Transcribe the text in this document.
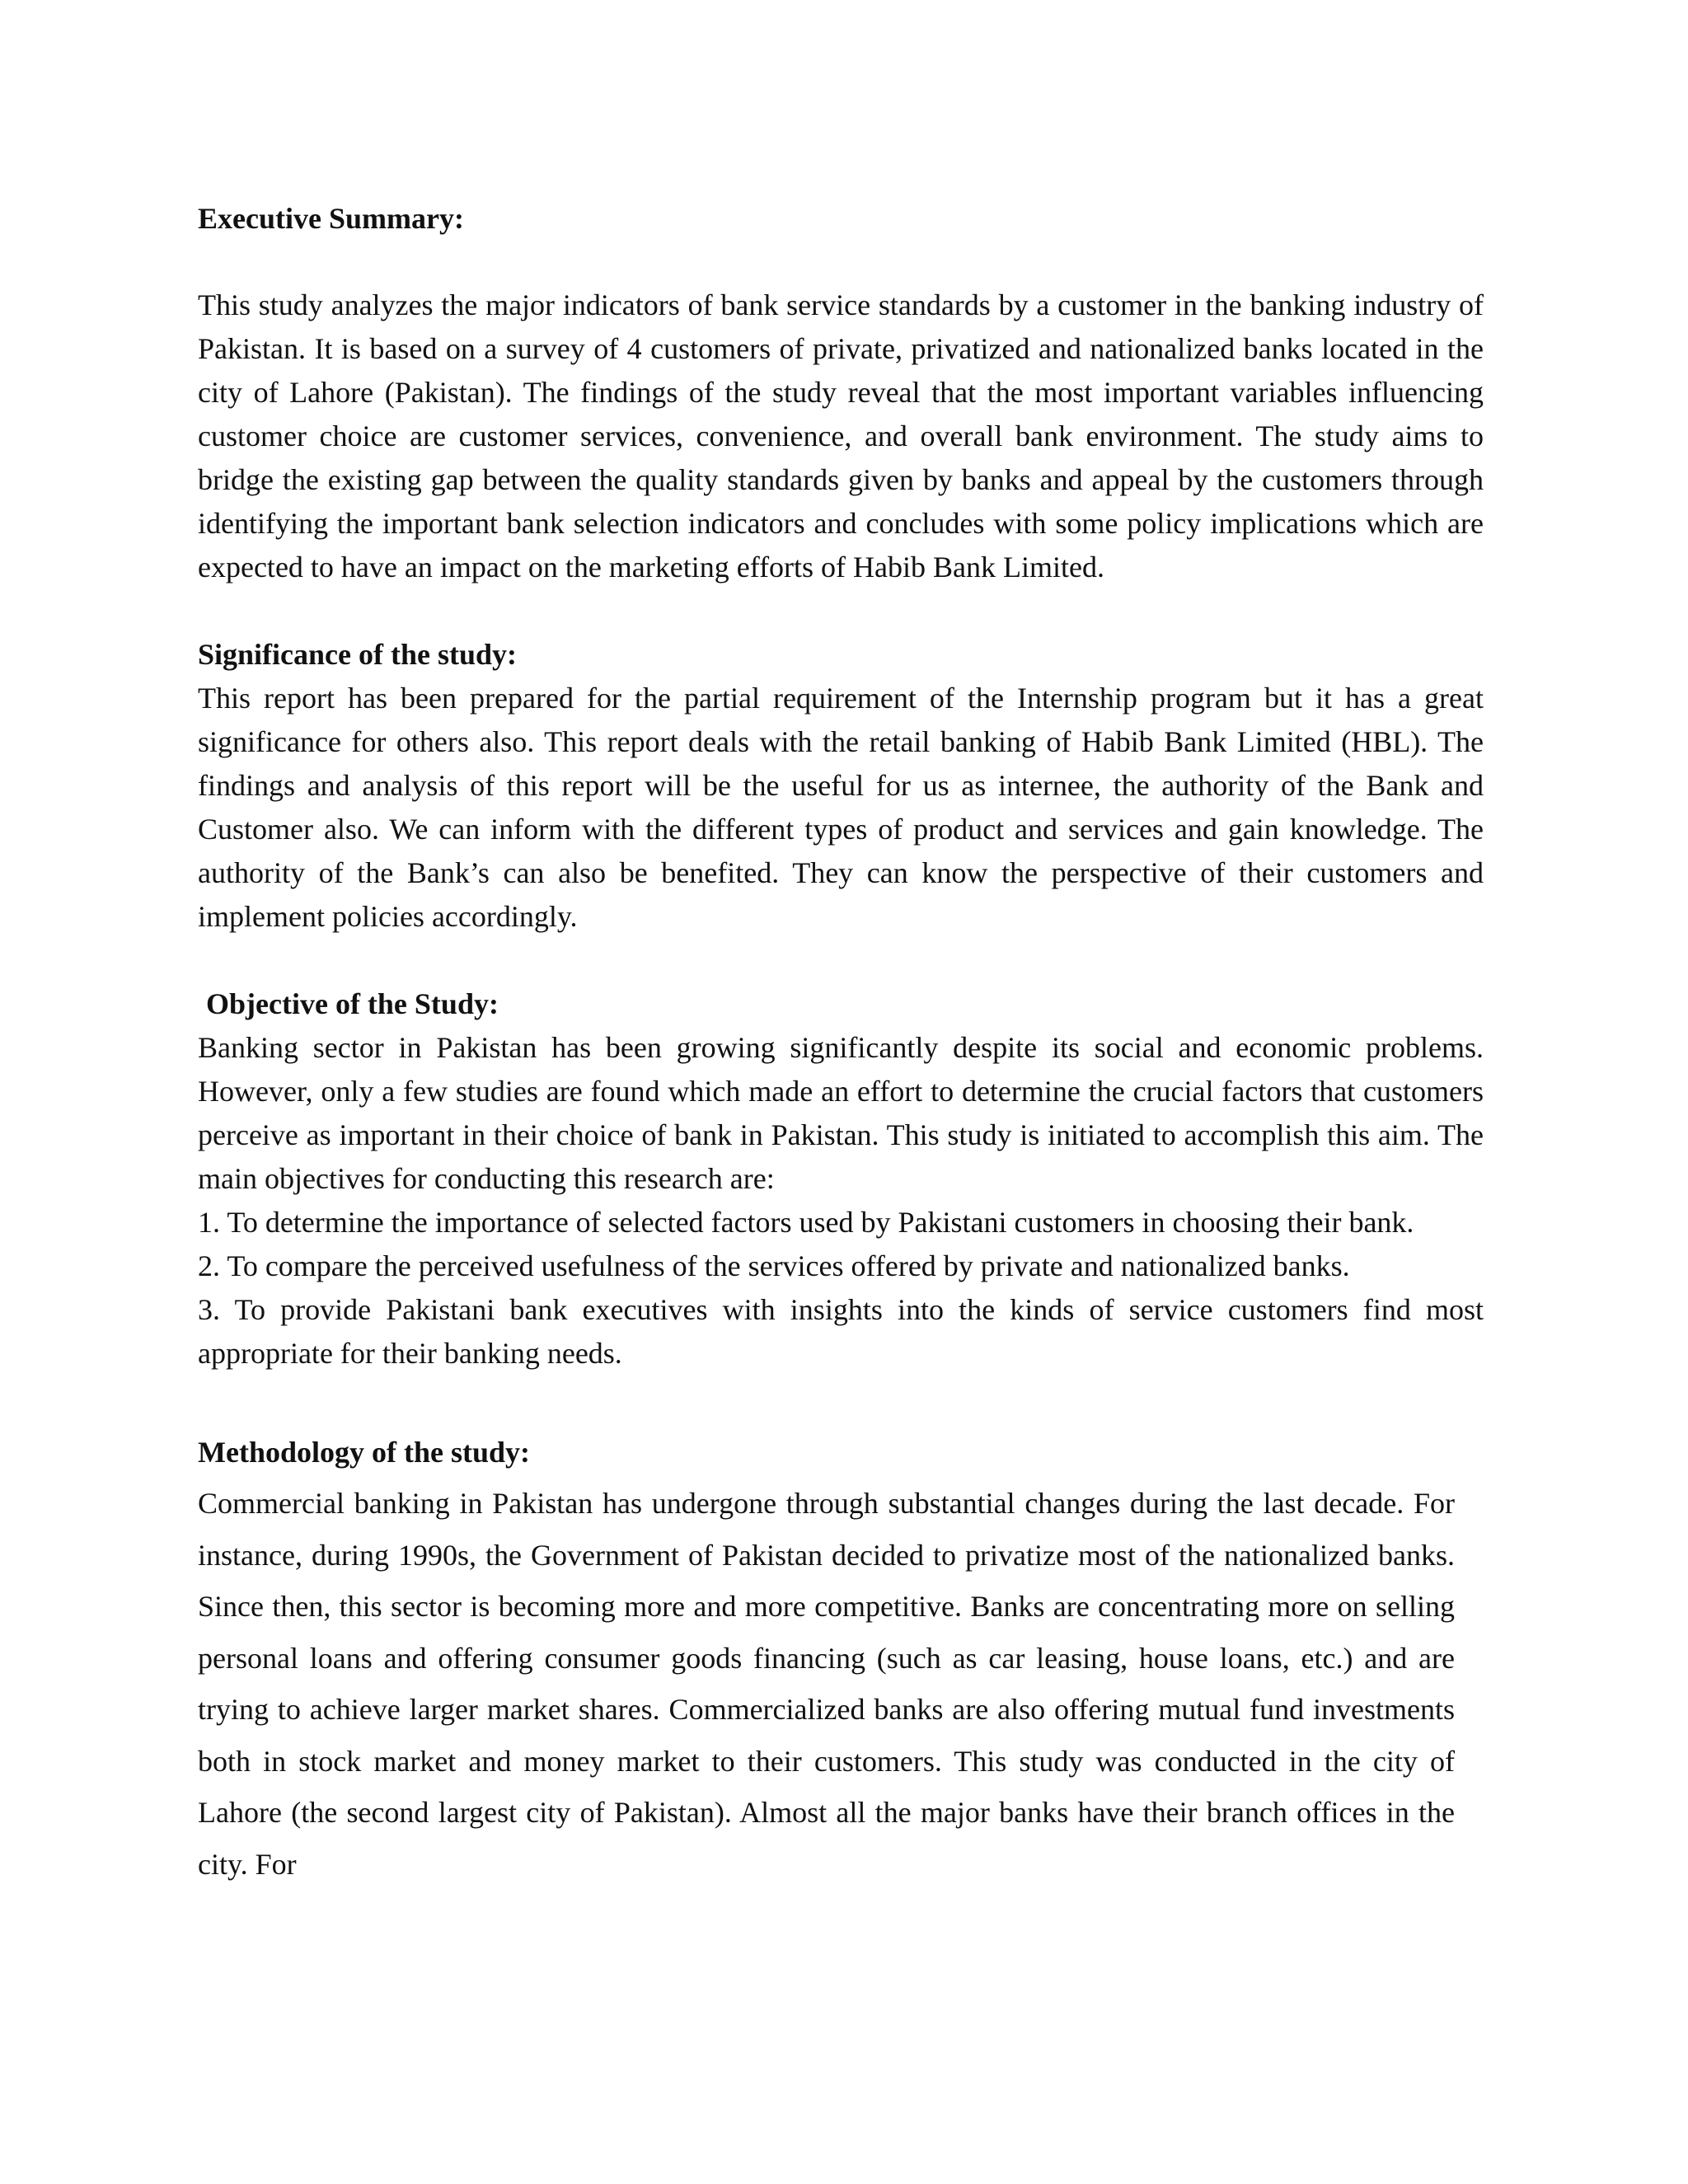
Executive Summary:

This study analyzes the major indicators of bank service standards by a customer in the banking industry of Pakistan. It is based on a survey of 4 customers of private, privatized and nationalized banks located in the city of Lahore (Pakistan). The findings of the study reveal that the most important variables influencing customer choice are customer services, convenience, and overall bank environment. The study aims to bridge the existing gap between the quality standards given by banks and appeal by the customers through identifying the important bank selection indicators and concludes with some policy implications which are expected to have an impact on the marketing efforts of Habib Bank Limited.

Significance of the study:

This report has been prepared for the partial requirement of the Internship program but it has a great significance for others also. This report deals with the retail banking of Habib Bank Limited (HBL). The findings and analysis of this report will be the useful for us as internee, the authority of the Bank and Customer also. We can inform with the different types of product and services and gain knowledge. The authority of the Bank’s can also be benefited. They can know the perspective of their customers and implement policies accordingly.

Objective of the Study:

Banking sector in Pakistan has been growing significantly despite its social and economic problems. However, only a few studies are found which made an effort to determine the crucial factors that customers perceive as important in their choice of bank in Pakistan. This study is initiated to accomplish this aim. The main objectives for conducting this research are:

1. To determine the importance of selected factors used by Pakistani customers in choosing their bank.

2. To compare the perceived usefulness of the services offered by private and nationalized banks.

3. To provide Pakistani bank executives with insights into the kinds of service customers find most appropriate for their banking needs.

Methodology of the study:

Commercial banking in Pakistan has undergone through substantial changes during the last decade. For instance, during 1990s, the Government of Pakistan decided to privatize most of the nationalized banks. Since then, this sector is becoming more and more competitive. Banks are concentrating more on selling personal loans and offering consumer goods financing (such as car leasing, house loans, etc.) and are trying to achieve larger market shares. Commercialized banks are also offering mutual fund investments both in stock market and money market to their customers. This study was conducted in the city of Lahore (the second largest city of Pakistan). Almost all the major banks have their branch offices in the city. For
